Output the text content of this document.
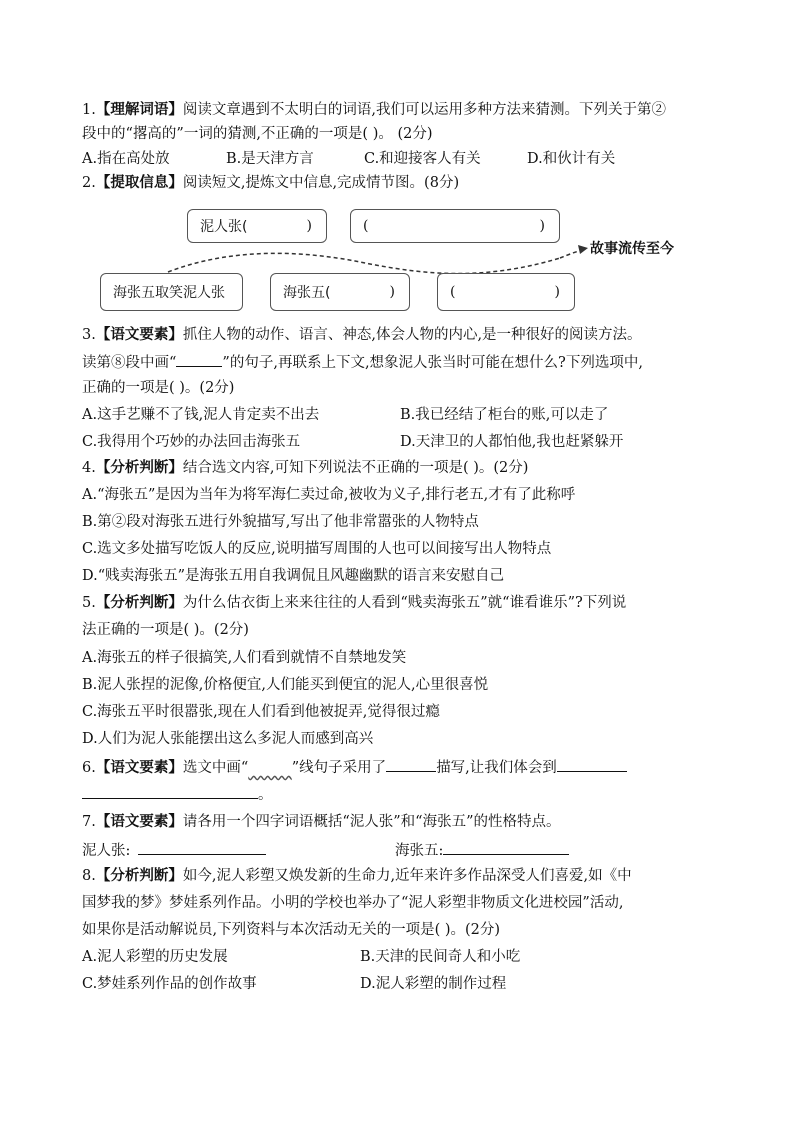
1.【理解词语】阅读文章遇到不太明白的词语,我们可以运用多种方法来猜测。下列关于第②
段中的“撂高的”一词的猜测,不正确的一项是( )。 (2分)
A.指在高处放	B.是天津方言	C.和迎接客人有关	D.和伙计有关
2.【提取信息】阅读短文,提炼文中信息,完成情节图。(8分)
泥人张(	)	(	)
故事流传至今
海张五取笑泥人张	海张五(	)	(	)
3.【语文要素】抓住人物的动作、语言、神态,体会人物的内心,是一种很好的阅读方法。
读第⑧段中画“	”的句子,再联系上下文,想象泥人张当时可能在想什么?下列选项中,
正确的一项是( )。(2分)
A.这手艺赚不了钱,泥人肯定卖不出去	B.我已经结了柜台的账,可以走了
C.我得用个巧妙的办法回击海张五	D.天津卫的人都怕他,我也赶紧躲开
4.【分析判断】结合选文内容,可知下列说法不正确的一项是( )。(2分)
A.“海张五”是因为当年为将军海仁卖过命,被收为义子,排行老五,才有了此称呼
B.第②段对海张五进行外貌描写,写出了他非常嚣张的人物特点
C.选文多处描写吃饭人的反应,说明描写周围的人也可以间接写出人物特点
D.“贱卖海张五”是海张五用自我调侃且风趣幽默的语言来安慰自己
5.【分析判断】为什么估衣街上来来往往的人看到“贱卖海张五”就“谁看谁乐”?下列说
法正确的一项是( )。(2分)
A.海张五的样子很搞笑,人们看到就情不自禁地发笑
B.泥人张捏的泥像,价格便宜,人们能买到便宜的泥人,心里很喜悦
C.海张五平时很嚣张,现在人们看到他被捉弄,觉得很过瘾
D.人们为泥人张能摆出这么多泥人而感到高兴
6.【语文要素】选文中画“	”线句子采用了	描写,让我们体会到
。
7.【语文要素】请各用一个四字词语概括“泥人张”和“海张五”的性格特点。
泥人张:	海张五:
8.【分析判断】如今,泥人彩塑又焕发新的生命力,近年来许多作品深受人们喜爱,如《中
国梦我的梦》梦娃系列作品。小明的学校也举办了“泥人彩塑非物质文化进校园”活动,
如果你是活动解说员,下列资料与本次活动无关的一项是( )。(2分)
A.泥人彩塑的历史发展	B.天津的民间奇人和小吃
C.梦娃系列作品的创作故事	D.泥人彩塑的制作过程
